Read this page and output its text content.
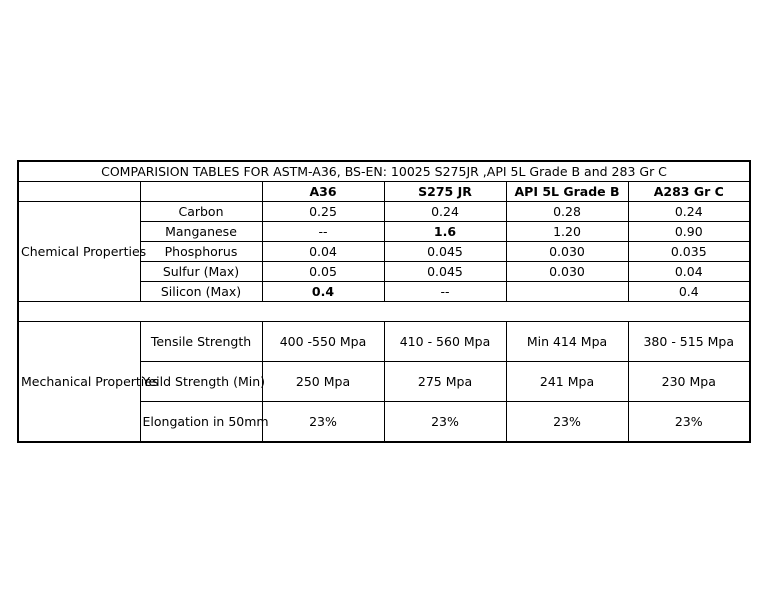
COMPARISION TABLES FOR ASTM-A36, BS-EN: 10025 S275JR ,API 5L Grade B and 283 Gr C					
		A36	S275 JR	API 5L Grade B	A283 Gr C
Chemical Properties	Carbon	0.25	0.24	0.28	0.24
	Manganese	--	1.6	1.20	0.90
	Phosphorus	0.04	0.045	0.030	0.035
	Sulfur (Max)	0.05	0.045	0.030	0.04
	Silicon (Max)	0.4	--		0.4

Mechanical Properties	Tensile Strength	400 -550 Mpa	410 - 560 Mpa	Min 414 Mpa	380 - 515 Mpa
	Yeild Strength (Min)	250 Mpa	275 Mpa	241 Mpa	230 Mpa
	Elongation in 50mm	23%	23%	23%	23%
